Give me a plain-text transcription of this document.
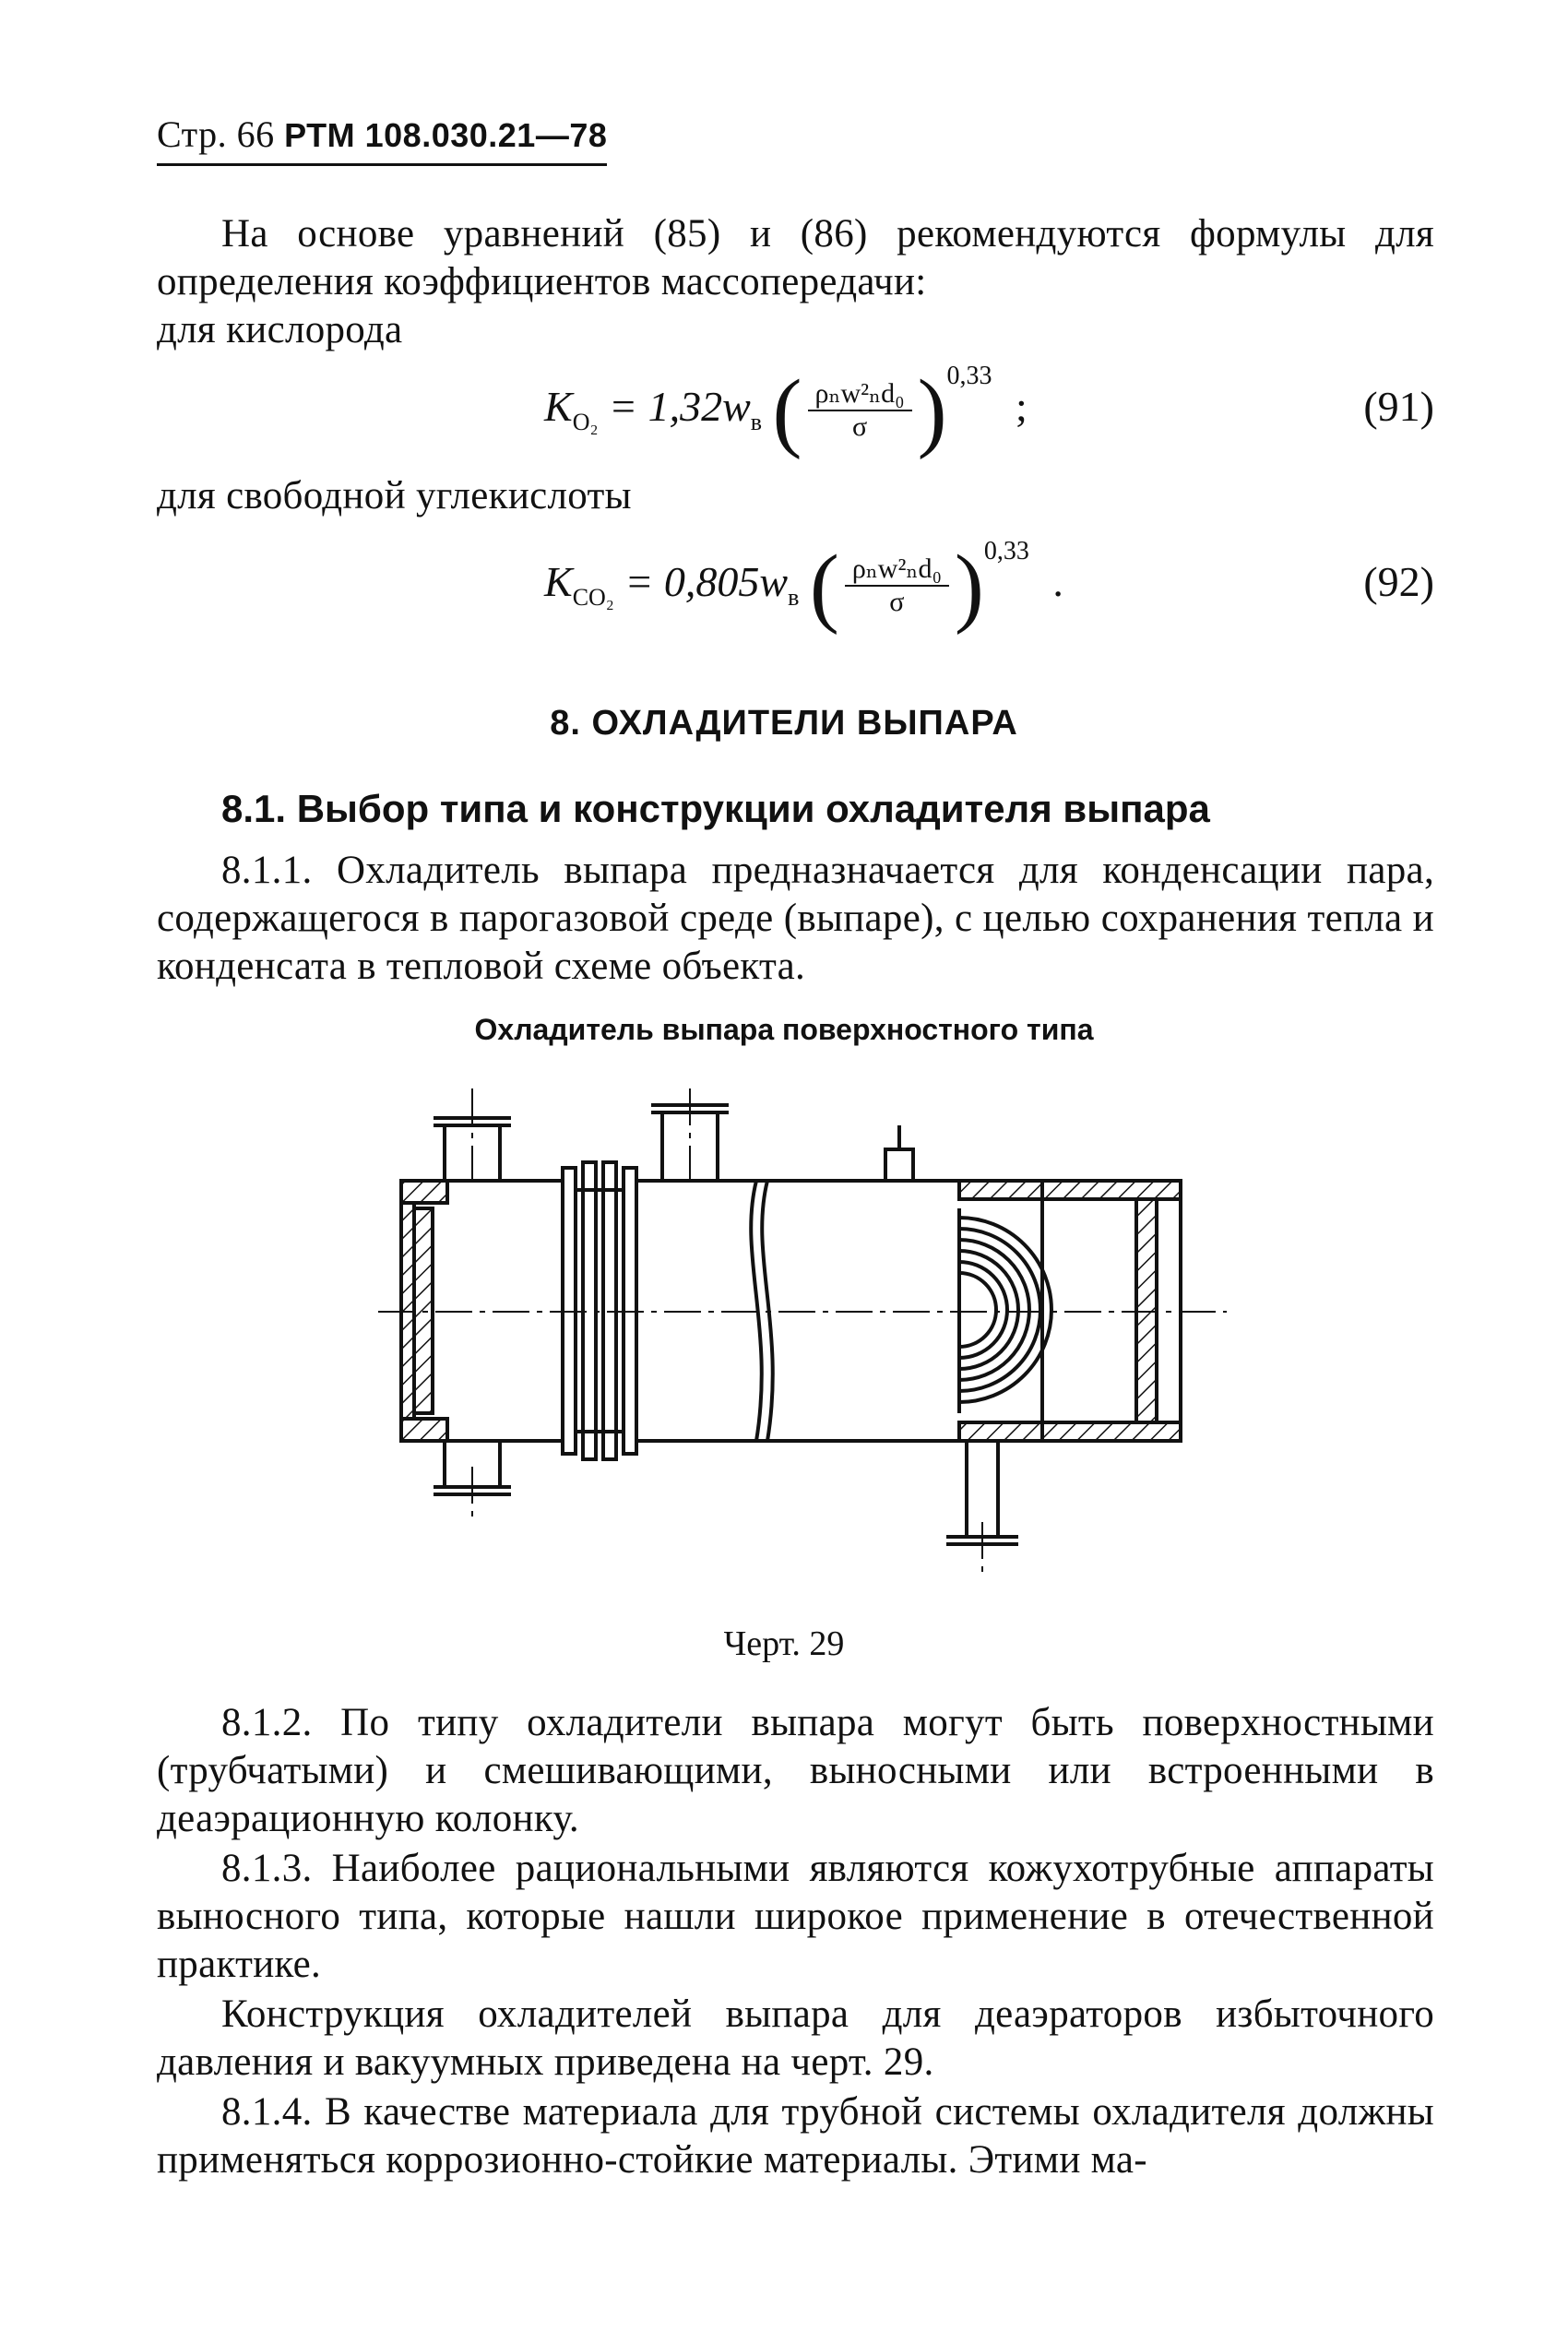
Стр. 66 РТМ 108.030.21—78
На основе уравнений (85) и (86) рекомендуются формулы для определения коэффициентов массопередачи:
для кислорода
$K_{O_2} = 1,32w_в$ ( $\frac{\text{ρₙw²ₙd₀}}{\sigma} )^{0,33}$ ;	(91)
для свободной углекислоты
$K_{CO_2} = 0,805w_в$ ( $\frac{\text{ρₙw²ₙd₀}}{\sigma} )^{0,33}$ .	(92)
8. ОХЛАДИТЕЛИ ВЫПАРА
8.1. Выбор типа и конструкции охладителя выпара
8.1.1. Охладитель выпара предназначается для конденсации пара, содержащегося в парогазовой среде (выпаре), с целью сохранения тепла и конденсата в тепловой схеме объекта.
Охладитель выпара поверхностного типа
Черт. 29
8.1.2. По типу охладители выпара могут быть поверхностными (трубчатыми) и смешивающими, выносными или встроенными в деаэрационную колонку.
8.1.3. Наиболее рациональными являются кожухотрубные аппараты выносного типа, которые нашли широкое применение в отечественной практике.
Конструкция охладителей выпара для деаэраторов избыточного давления и вакуумных приведена на черт. 29.
8.1.4. В качестве материала для трубной системы охладителя должны применяться коррозионно-стойкие материалы. Этими ма-
